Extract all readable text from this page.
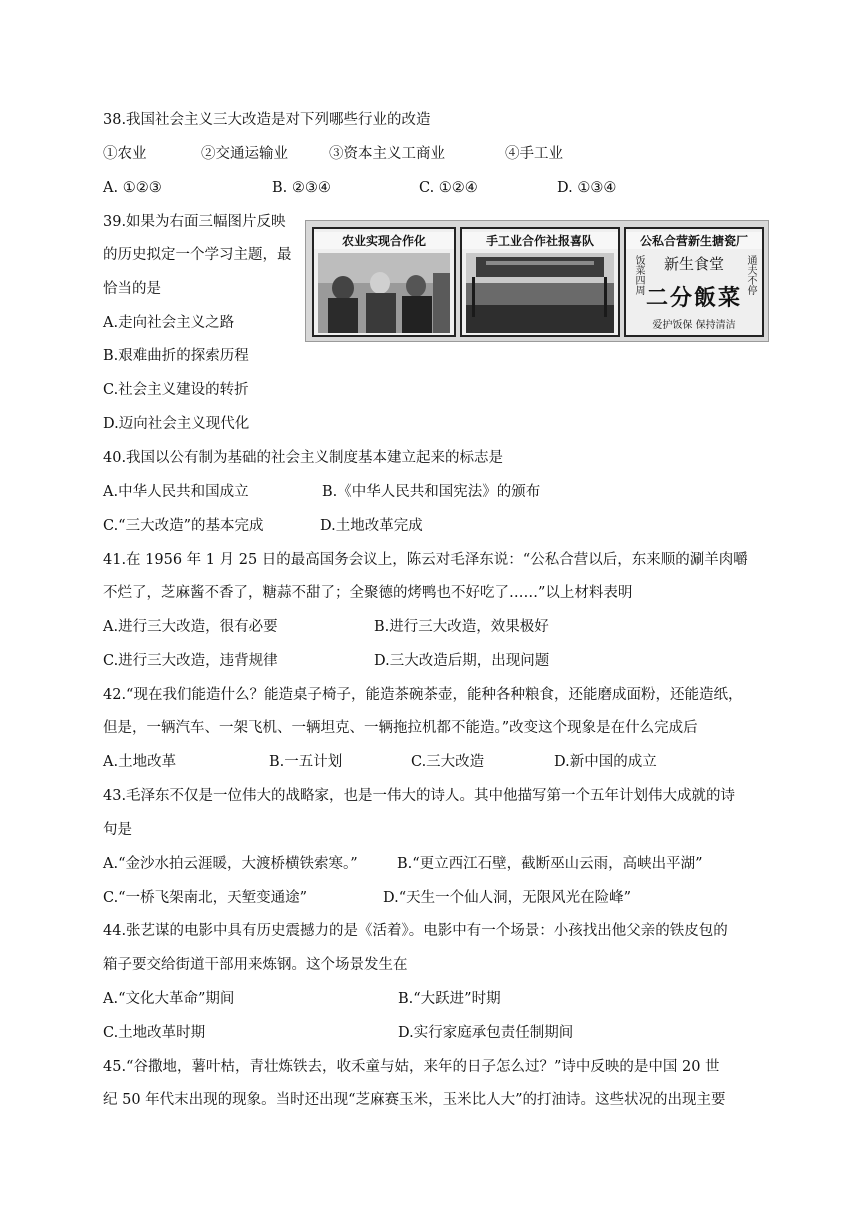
38.我国社会主义三大改造是对下列哪些行业的改造
①农业	②交通运输业	③资本主义工商业	④手工业
A. ①②③	B. ②③④	C. ①②④	D. ①③④
39.如果为右面三幅图片反映
的历史拟定一个学习主题，最
恰当的是
A.走向社会主义之路
B.艰难曲折的探索历程
C.社会主义建设的转折
D.迈向社会主义现代化
农业实现合作化	手工业合作社报喜队	公私合营新生搪瓷厂
新生食堂
二分飯菜
饭菜四周	通夫不停
爱护饭保 保持清洁
40.我国以公有制为基础的社会主义制度基本建立起来的标志是
A.中华人民共和国成立	B.《中华人民共和国宪法》的颁布
C.“三大改造”的基本完成	D.土地改革完成
41.在 1956 年 1 月 25 日的最高国务会议上，陈云对毛泽东说：“公私合营以后，东来顺的涮羊肉嚼
不烂了，芝麻酱不香了，糖蒜不甜了；全聚德的烤鸭也不好吃了……”以上材料表明
A.进行三大改造，很有必要	B.进行三大改造，效果极好
C.进行三大改造，违背规律	D.三大改造后期，出现问题
42.“现在我们能造什么？能造桌子椅子，能造茶碗茶壶，能种各种粮食，还能磨成面粉，还能造纸，
但是，一辆汽车、一架飞机、一辆坦克、一辆拖拉机都不能造。”改变这个现象是在什么完成后
A.土地改革	B.一五计划	C.三大改造	D.新中国的成立
43.毛泽东不仅是一位伟大的战略家，也是一伟大的诗人。其中他描写第一个五年计划伟大成就的诗
句是
A.“金沙水拍云涯暖，大渡桥横铁索寒。”	B.“更立西江石壁，截断巫山云雨，高峡出平湖”
C.“一桥飞架南北，天堑变通途”	D.“天生一个仙人洞，无限风光在险峰”
44.张艺谋的电影中具有历史震撼力的是《活着》。电影中有一个场景：小孩找出他父亲的铁皮包的
箱子要交给街道干部用来炼钢。这个场景发生在
A.“文化大革命”期间	B.“大跃进”时期
C.土地改革时期	D.实行家庭承包责任制期间
45.“谷撒地，薯叶枯，青壮炼铁去，收禾童与姑，来年的日子怎么过？”诗中反映的是中国 20 世
纪 50 年代末出现的现象。当时还出现“芝麻赛玉米，玉米比人大”的打油诗。这些状况的出现主要
